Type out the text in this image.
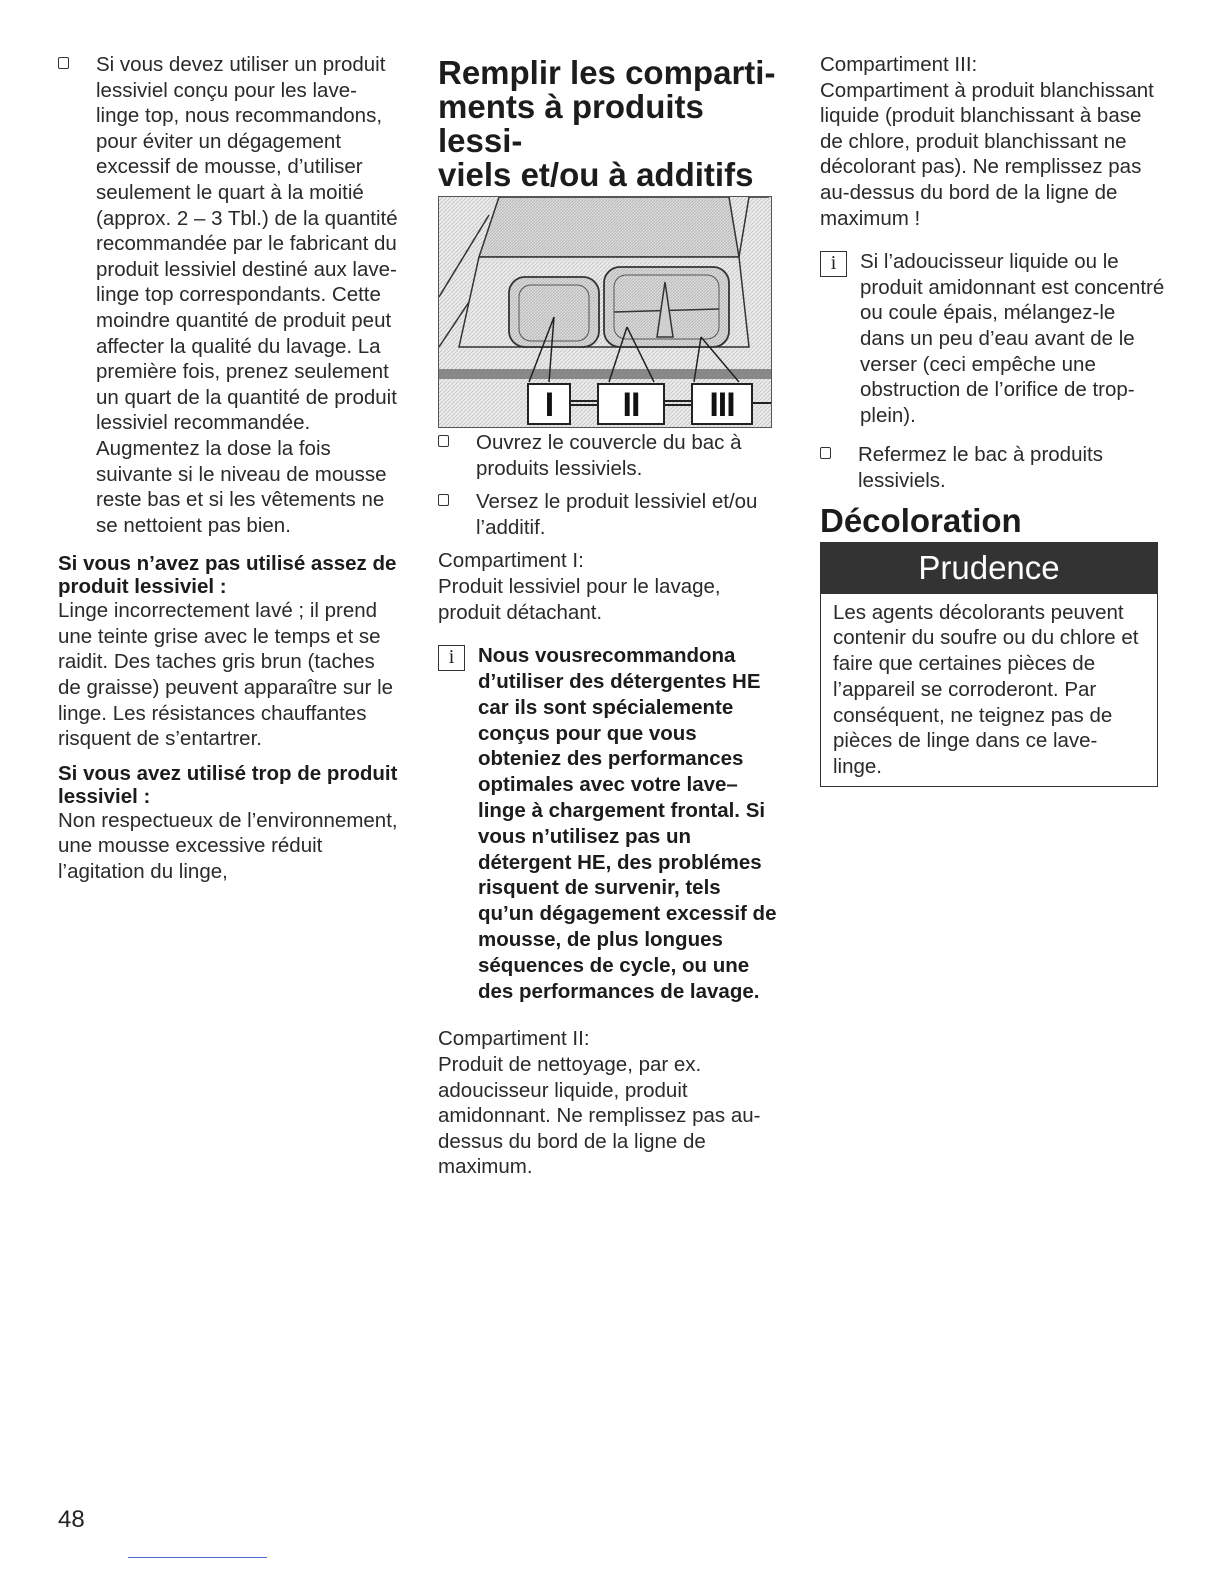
Si vous devez utiliser un produit lessiviel conçu pour les lave-linge top, nous recommandons, pour éviter un dégagement excessif de mousse, d’utiliser seulement le quart à la moitié (approx. 2 – 3 Tbl.) de la quantité recommandée par le fabricant du produit lessiviel destiné aux lave-linge top correspondants. Cette moindre quantité de produit peut affecter la qualité du lavage. La première fois, prenez seulement un quart de la quantité de produit lessiviel recommandée. Augmentez la dose la fois suivante si le niveau de mousse reste bas et si les vêtements ne se nettoient pas bien.

Si vous n’avez pas utilisé assez de produit lessiviel :

Linge incorrectement lavé ; il prend une teinte grise avec le temps et se raidit. Des taches gris brun (taches de graisse) peuvent apparaître sur le linge. Les résistances chauffantes risquent de s’entartrer.

Si vous avez utilisé trop de produit lessiviel :

Non respectueux de l’environnement, une mousse excessive réduit l’agitation du linge,
Remplir les comparti-
ments à produits lessi-
viels et/ou à additifs
I	II	III
Ouvrez le couvercle du bac à produits lessiviels.
Versez le produit lessiviel et/ou l’additif.
Compartiment I:
Produit lessiviel pour le lavage, produit détachant.
i	Nous vousrecommandona d’utiliser des détergentes HE car ils sont spécialemente conçus pour que vous obteniez des performances optimales avec votre lave–linge à chargement frontal. Si vous n’utilisez pas un détergent HE, des problémes risquent de survenir, tels qu’un dégagement excessif de mousse, de plus longues séquences de cycle, ou une des performances de lavage.
Compartiment II:
Produit de nettoyage, par ex. adoucisseur liquide, produit amidonnant. Ne remplissez pas au-dessus du bord de la ligne de maximum.
Compartiment III:
Compartiment à produit blanchissant liquide (produit blanchissant à base de chlore, produit blanchissant ne décolorant pas). Ne remplissez pas au-dessus du bord de la ligne de maximum !
i	Si l’adoucisseur liquide ou le produit amidonnant est concentré ou coule épais, mélangez-le dans un peu d’eau avant de le verser (ceci empêche une obstruction de l’orifice de trop-plein).
Refermez le bac à produits lessiviels.
Décoloration
Prudence
Les agents décolorants peuvent contenir du soufre ou du chlore et faire que certaines pièces de l’appareil se corroderont. Par conséquent, ne teignez pas de pièces de linge dans ce lave-linge.
48
